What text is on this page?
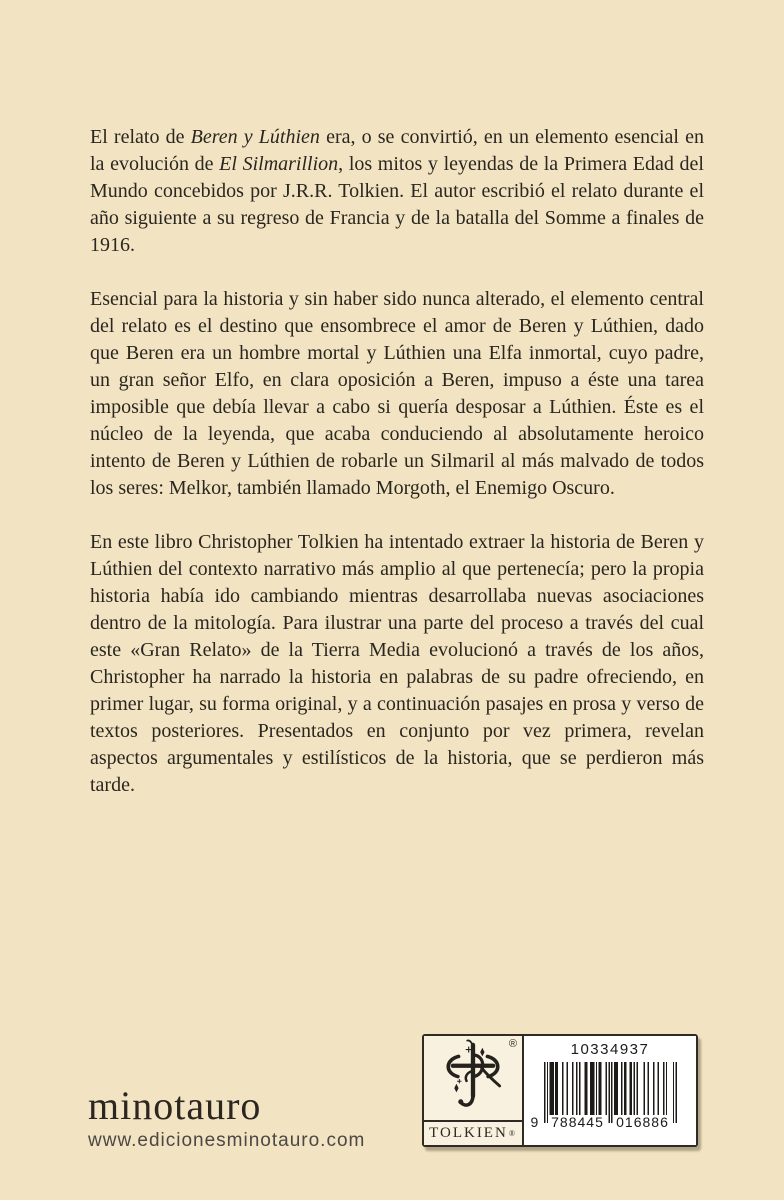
El relato de Beren y Lúthien era, o se convirtió, en un elemento esencial en la evolución de El Silmarillion, los mitos y leyendas de la Primera Edad del Mundo concebidos por J.R.R. Tolkien. El autor escribió el relato durante el año siguiente a su regreso de Francia y de la batalla del Somme a finales de 1916.

Esencial para la historia y sin haber sido nunca alterado, el elemento central del relato es el destino que ensombrece el amor de Beren y Lúthien, dado que Beren era un hombre mortal y Lúthien una Elfa inmortal, cuyo padre, un gran señor Elfo, en clara oposición a Beren, impuso a éste una tarea imposible que debía llevar a cabo si quería desposar a Lúthien. Éste es el núcleo de la leyenda, que acaba conduciendo al absolutamente heroico intento de Beren y Lúthien de robarle un Silmaril al más malvado de todos los seres: Melkor, también llamado Morgoth, el Enemigo Oscuro.

En este libro Christopher Tolkien ha intentado extraer la historia de Beren y Lúthien del contexto narrativo más amplio al que pertenecía; pero la propia historia había ido cambiando mientras desarrollaba nuevas asociaciones dentro de la mitología. Para ilustrar una parte del proceso a través del cual este «Gran Relato» de la Tierra Media evolucionó a través de los años, Christopher ha narrado la historia en palabras de su padre ofreciendo, en primer lugar, su forma original, y a continuación pasajes en prosa y verso de textos posteriores. Presentados en conjunto por vez primera, revelan aspectos argumentales y estilísticos de la historia, que se perdieron más tarde.

minotauro
www.edicionesminotauro.com
®
TOLKIEN ®
10334937
9 788445 016886
